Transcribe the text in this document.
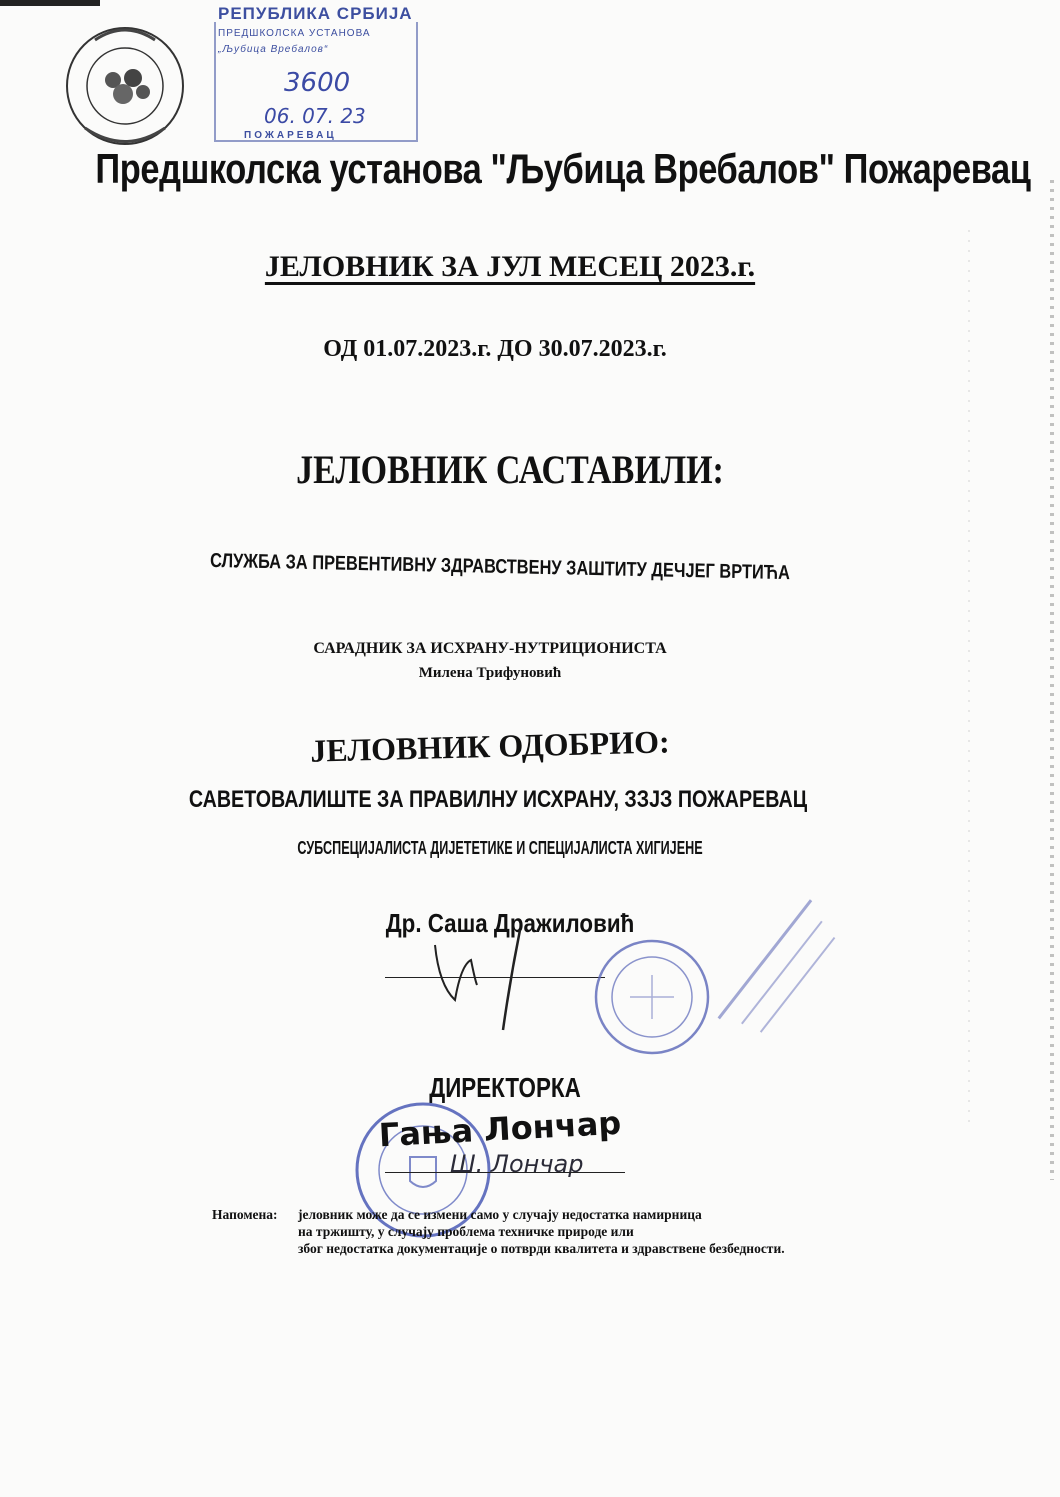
РЕПУБЛИКА СРБИЈА
ПРЕДШКОЛСКА УСТАНОВА
„Љубица Вребалов“
3600
06. 07. 23
ПОЖАРЕВАЦ
Предшколска установа "Љубица Вребалов" Пожаревац
ЈЕЛОВНИК ЗА ЈУЛ МЕСЕЦ 2023.г.
ОД 01.07.2023.г. ДО 30.07.2023.г.
ЈЕЛОВНИК САСТАВИЛИ:
СЛУЖБА ЗА ПРЕВЕНТИВНУ ЗДРАВСТВЕНУ ЗАШТИТУ ДЕЧЈЕГ ВРТИЋА
САРАДНИК ЗА ИСХРАНУ-НУТРИЦИОНИСТА
Милена Трифуновић
ЈЕЛОВНИК ОДОБРИО:
САВЕТОВАЛИШТЕ ЗА ПРАВИЛНУ ИСХРАНУ, ЗЗЈЗ ПОЖАРЕВАЦ
СУБСПЕЦИЈАЛИСТА ДИЈЕТЕТИКЕ И СПЕЦИЈАЛИСТА ХИГИЈЕНЕ
Др. Саша Дражиловић
ДИРЕКТОРКА
Гања Лончар
Ш. Лончар
Напомена: јеловник може да се измени само у случају недостатка намирница
на тржишту, у случају проблема техничке природе или
због недостатка документације о потврди квалитета и здравствене безбедности.
